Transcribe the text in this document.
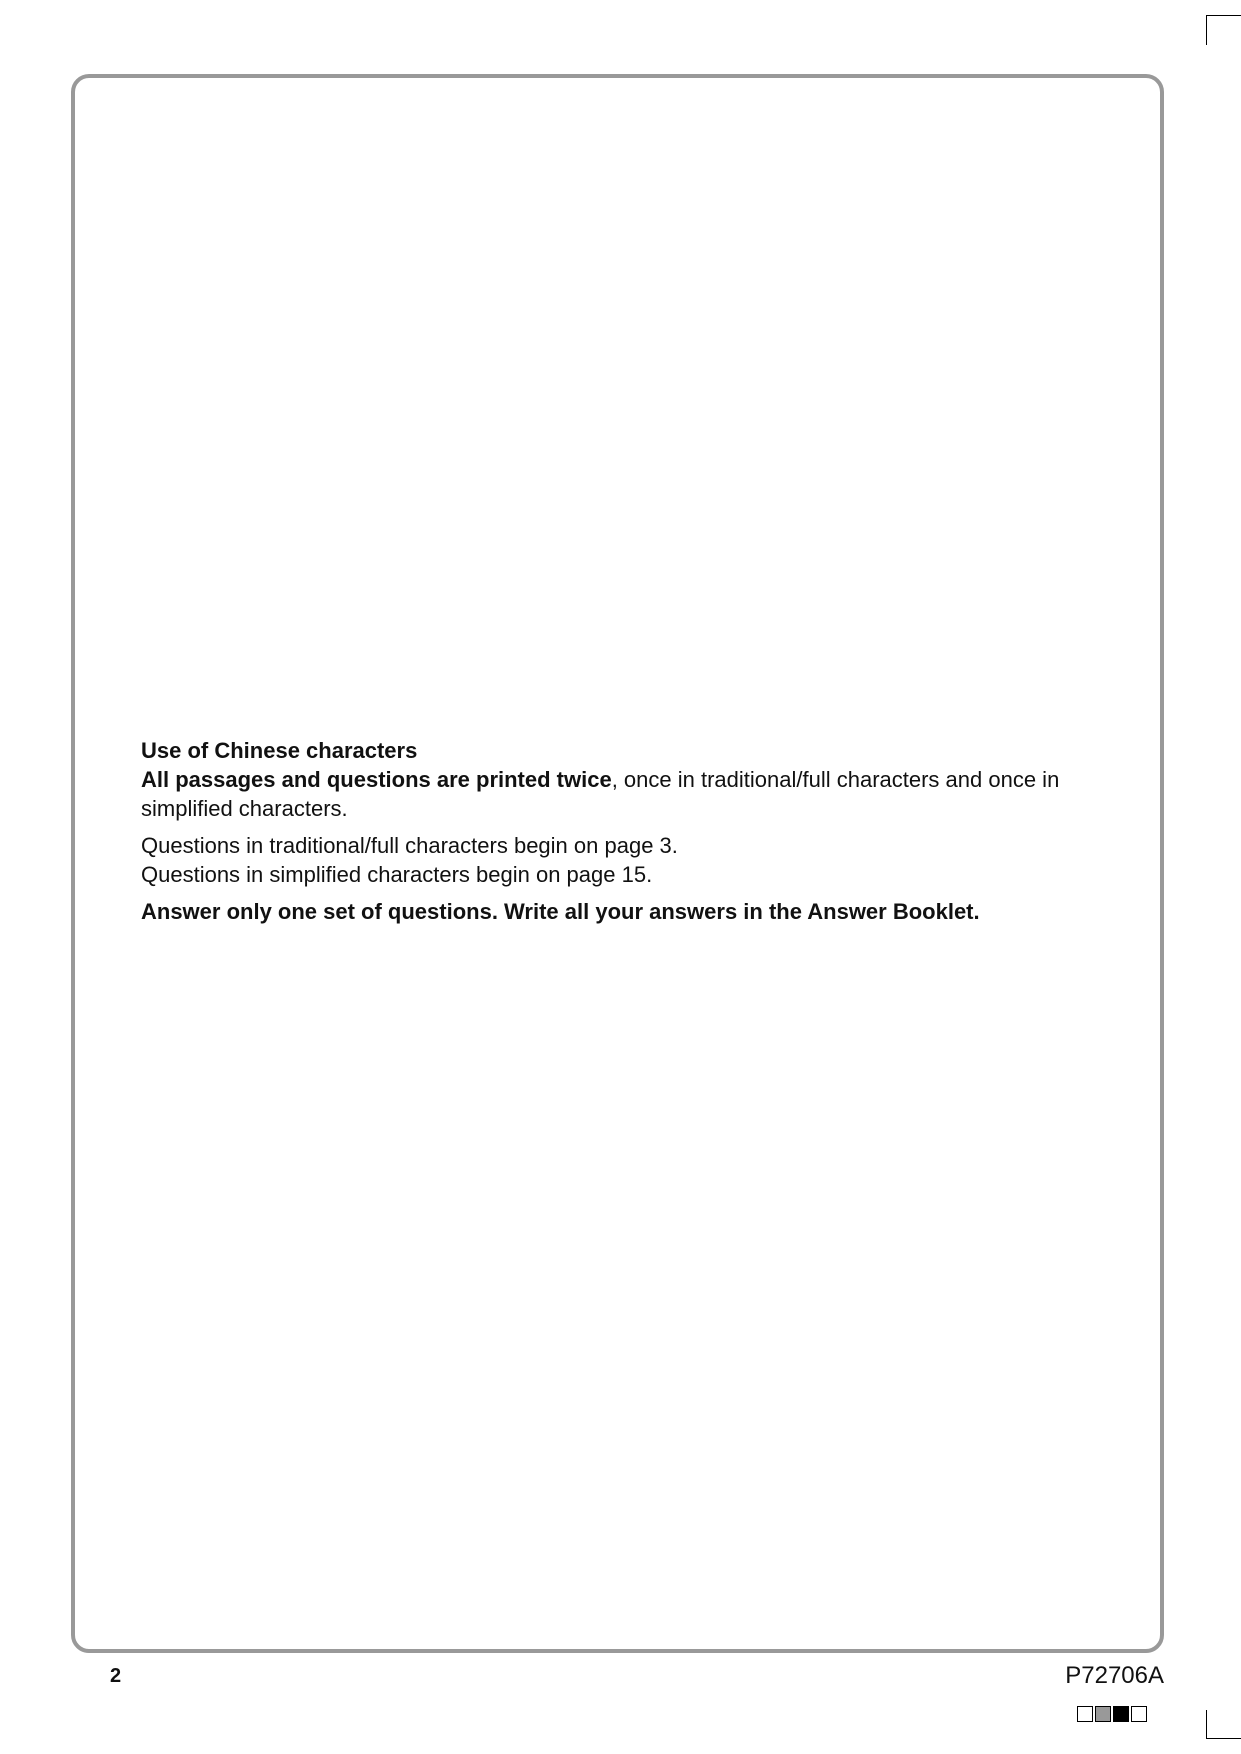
Use of Chinese characters

All passages and questions are printed twice, once in traditional/full characters and once in simplified characters.

Questions in traditional/full characters begin on page 3.

Questions in simplified characters begin on page 15.

Answer only one set of questions. Write all your answers in the Answer Booklet.

2	P72706A
